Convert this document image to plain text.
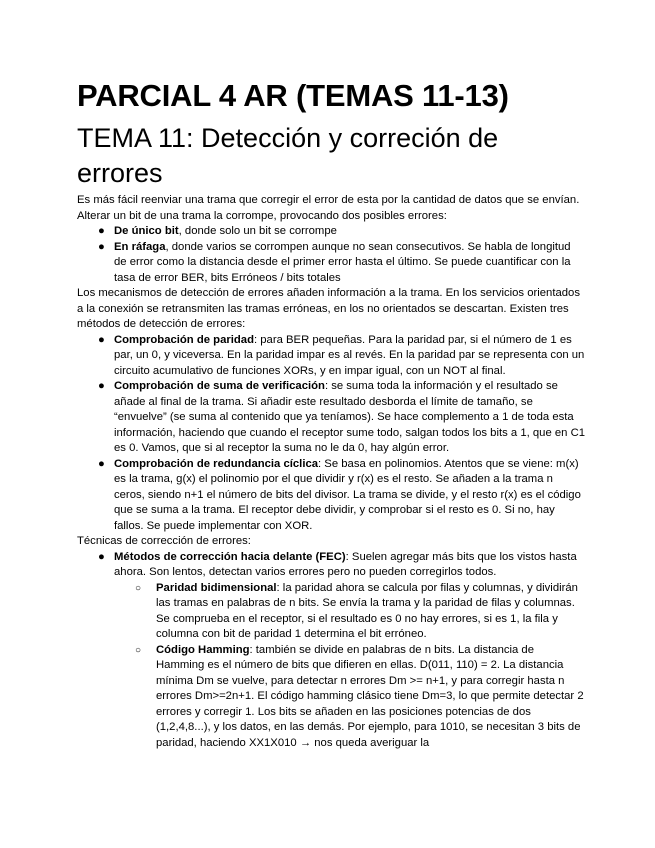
PARCIAL 4 AR (TEMAS 11-13)
TEMA 11: Detección y correción de errores

Es más fácil reenviar una trama que corregir el error de esta por la cantidad de datos que se envían. Alterar un bit de una trama la corrompe, provocando dos posibles errores:

● De único bit, donde solo un bit se corrompe
● En ráfaga, donde varios se corrompen aunque no sean consecutivos. Se habla de longitud de error como la distancia desde el primer error hasta el último. Se puede cuantificar con la tasa de error BER, bits Erróneos / bits totales

Los mecanismos de detección de errores añaden información a la trama. En los servicios orientados a la conexión se retransmiten las tramas erróneas, en los no orientados se descartan. Existen tres métodos de detección de errores:

● Comprobación de paridad: para BER pequeñas. Para la paridad par, si el número de 1 es par, un 0, y viceversa. En la paridad impar es al revés. En la paridad par se representa con un circuito acumulativo de funciones XORs, y en impar igual, con un NOT al final.
● Comprobación de suma de verificación: se suma toda la información y el resultado se añade al final de la trama. Si añadir este resultado desborda el límite de tamaño, se “envuelve” (se suma al contenido que ya teníamos). Se hace complemento a 1 de toda esta información, haciendo que cuando el receptor sume todo, salgan todos los bits a 1, que en C1 es 0. Vamos, que si al receptor la suma no le da 0, hay algún error.
● Comprobación de redundancia cíclica: Se basa en polinomios. Atentos que se viene: m(x) es la trama, g(x) el polinomio por el que dividir y r(x) es el resto. Se añaden a la trama n ceros, siendo n+1 el número de bits del divisor. La trama se divide, y el resto r(x) es el código que se suma a la trama. El receptor debe dividir, y comprobar si el resto es 0. Si no, hay fallos. Se puede implementar con XOR.

Técnicas de corrección de errores:

● Métodos de corrección hacia delante (FEC): Suelen agregar más bits que los vistos hasta ahora. Son lentos, detectan varios errores pero no pueden corregirlos todos.
○ Paridad bidimensional: la paridad ahora se calcula por filas y columnas, y dividirán las tramas en palabras de n bits. Se envía la trama y la paridad de filas y columnas. Se comprueba en el receptor, si el resultado es 0 no hay errores, si es 1, la fila y columna con bit de paridad 1 determina el bit erróneo.
○ Código Hamming: también se divide en palabras de n bits. La distancia de Hamming es el número de bits que difieren en ellas. D(011, 110) = 2. La distancia mínima Dm se vuelve, para detectar n errores Dm >= n+1, y para corregir hasta n errores Dm>=2n+1. El código hamming clásico tiene Dm=3, lo que permite detectar 2 errores y corregir 1. Los bits se añaden en las posiciones potencias de dos (1,2,4,8...), y los datos, en las demás. Por ejemplo, para 1010, se necesitan 3 bits de paridad, haciendo XX1X010 → nos queda averiguar la
